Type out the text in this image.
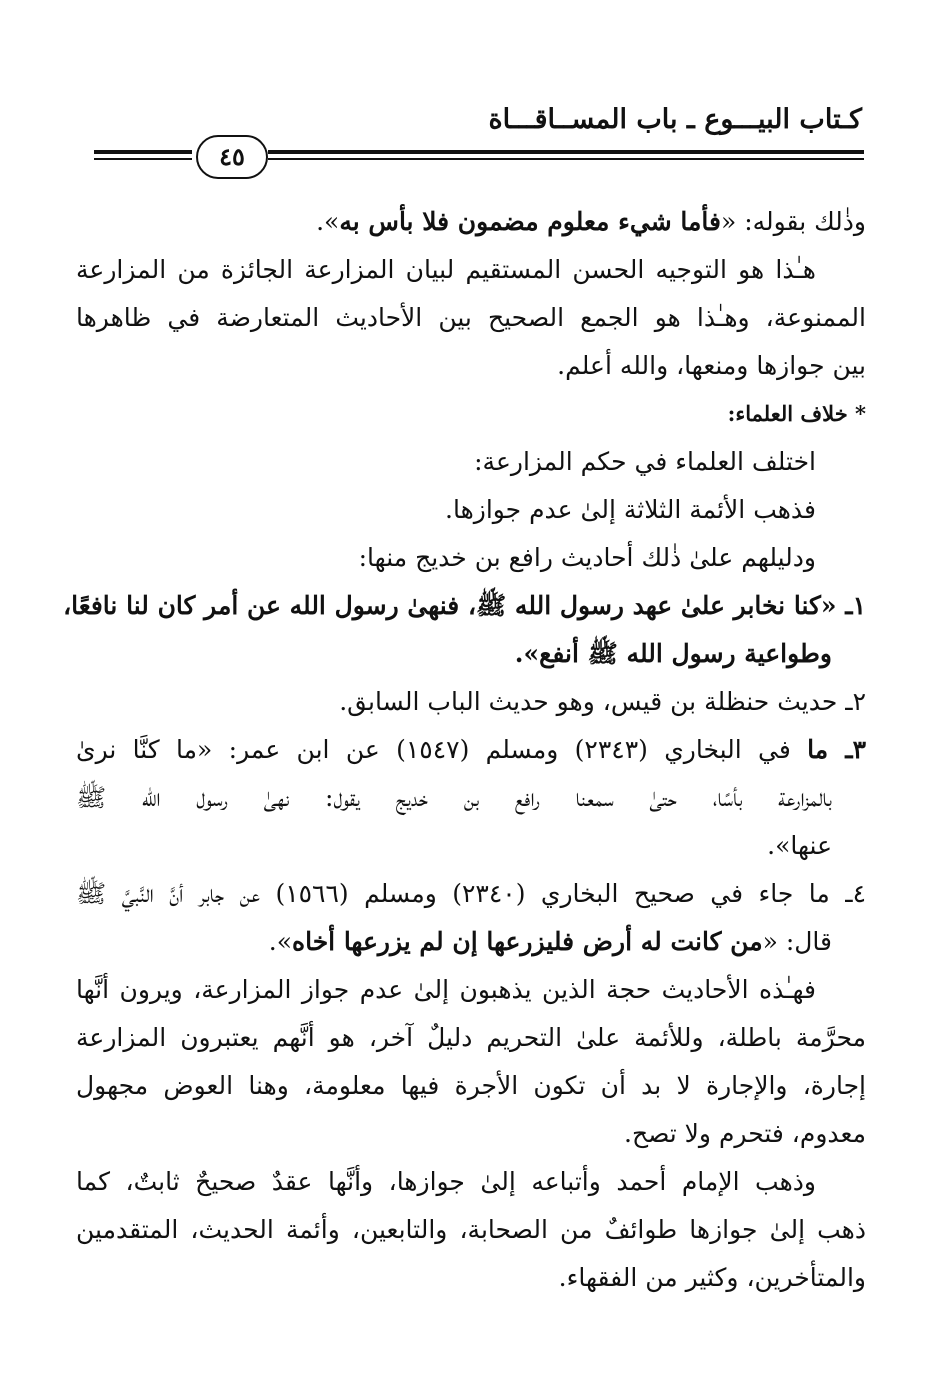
كـتاب البيـــوع ـ باب المســاقـــاة
٤٥
وذٰلك بقوله: «فأما شيء معلوم مضمون فلا بأس به».
هـٰذا هو التوجيه الحسن المستقيم لبيان المزارعة الجائزة من المزارعة
الممنوعة، وهـٰذا هو الجمع الصحيح بين الأحاديث المتعارضة في ظاهرها
بين جوازها ومنعها، والله أعلم.
* خلاف العلماء:
اختلف العلماء في حكم المزارعة:
فذهب الأئمة الثلاثة إلىٰ عدم جوازها.
ودليلهم علىٰ ذٰلك أحاديث رافع بن خديج منها:
١ـ «كنا نخابر علىٰ عهد رسول الله ﷺ، فنهىٰ رسول الله عن أمر كان لنا نافعًا،
وطواعية رسول الله ﷺ أنفع».
٢ـ حديث حنظلة بن قيس، وهو حديث الباب السابق.
٣ـ ما في البخاري (٢٣٤٣) ومسلم (١٥٤٧) عن ابن عمر: «ما كنَّا نرىٰ
بالمزارعة بأسًا، حتىٰ سمعنا رافع بن خديج يقول: نهىٰ رسول الله ﷺ
عنها».
٤ـ ما جاء في صحيح البخاري (٢٣٤٠) ومسلم (١٥٦٦) عن جابر أنَّ النَّبيَّ ﷺ
قال: «من كانت له أرض فليزرعها إن لم يزرعها أخاه».
فهـٰذه الأحاديث حجة الذين يذهبون إلىٰ عدم جواز المزارعة، ويرون أنَّها
محرَّمة باطلة، وللأئمة علىٰ التحريم دليلٌ آخر، هو أنَّهم يعتبرون المزارعة
إجارة، والإجارة لا بد أن تكون الأجرة فيها معلومة، وهنا العوض مجهول
معدوم، فتحرم ولا تصح.
وذهب الإمام أحمد وأتباعه إلىٰ جوازها، وأنَّها عقدٌ صحيحٌ ثابتٌ، كما
ذهب إلىٰ جوازها طوائفٌ من الصحابة، والتابعين، وأئمة الحديث، المتقدمين
والمتأخرين، وكثير من الفقهاء.
